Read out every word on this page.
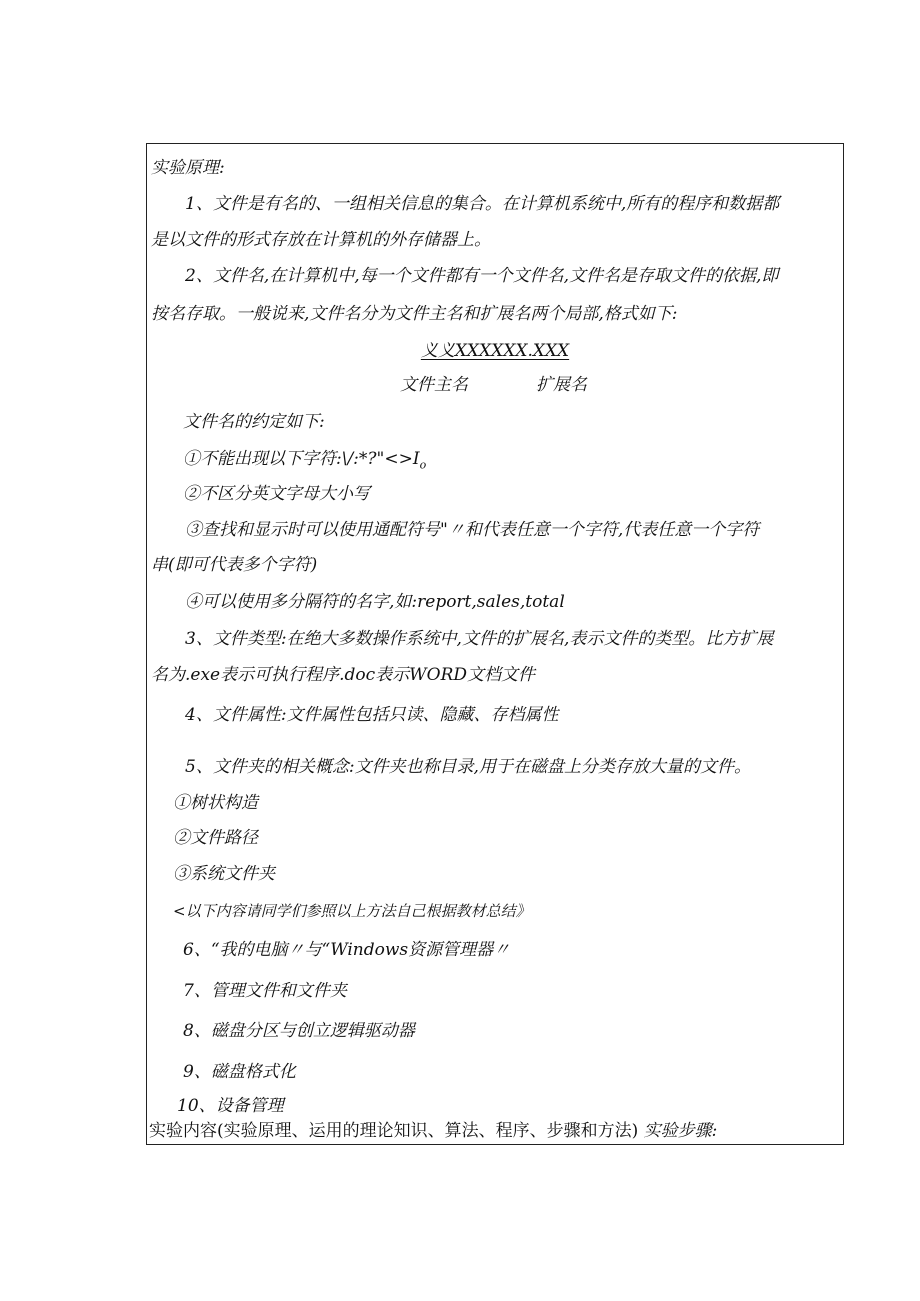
实验原理:
1、文件是有名的、一组相关信息的集合。在计算机系统中,所有的程序和数据都
是以文件的形式存放在计算机的外存储器上。
2、文件名,在计算机中,每一个文件都有一个文件名,文件名是存取文件的依据,即
按名存取。一般说来,文件名分为文件主名和扩展名两个局部,格式如下:
义义XXXXXX.XXX
文件主名	扩展名
文件名的约定如下:
①不能出现以下字符$:\backslash/:*?"<>I_o$
②不区分英文字母大小写
③查找和显示时可以使用通配符号"〃和代表任意一个字符,代表任意一个字符
串(即可代表多个字符)
④可以使用多分隔符的名字,如:report,sales,total
3、文件类型:在绝大多数操作系统中,文件的扩展名,表示文件的类型。比方扩展
名为.exe表示可执行程序.doc表示WORD文档文件
4、文件属性:文件属性包括只读、隐藏、存档属性
5、文件夹的相关概念:文件夹也称目录,用于在磁盘上分类存放大量的文件。
①树状构造
②文件路径
③系统文件夹
<以下内容请同学们参照以上方法自己根据教材总结》
6、“我的电脑〃与“Windows资源管理器〃
7、管理文件和文件夹
8、磁盘分区与创立逻辑驱动器
9、磁盘格式化
10、设备管理
实验内容(实验原理、运用的理论知识、算法、程序、步骤和方法) 实验步骤:
